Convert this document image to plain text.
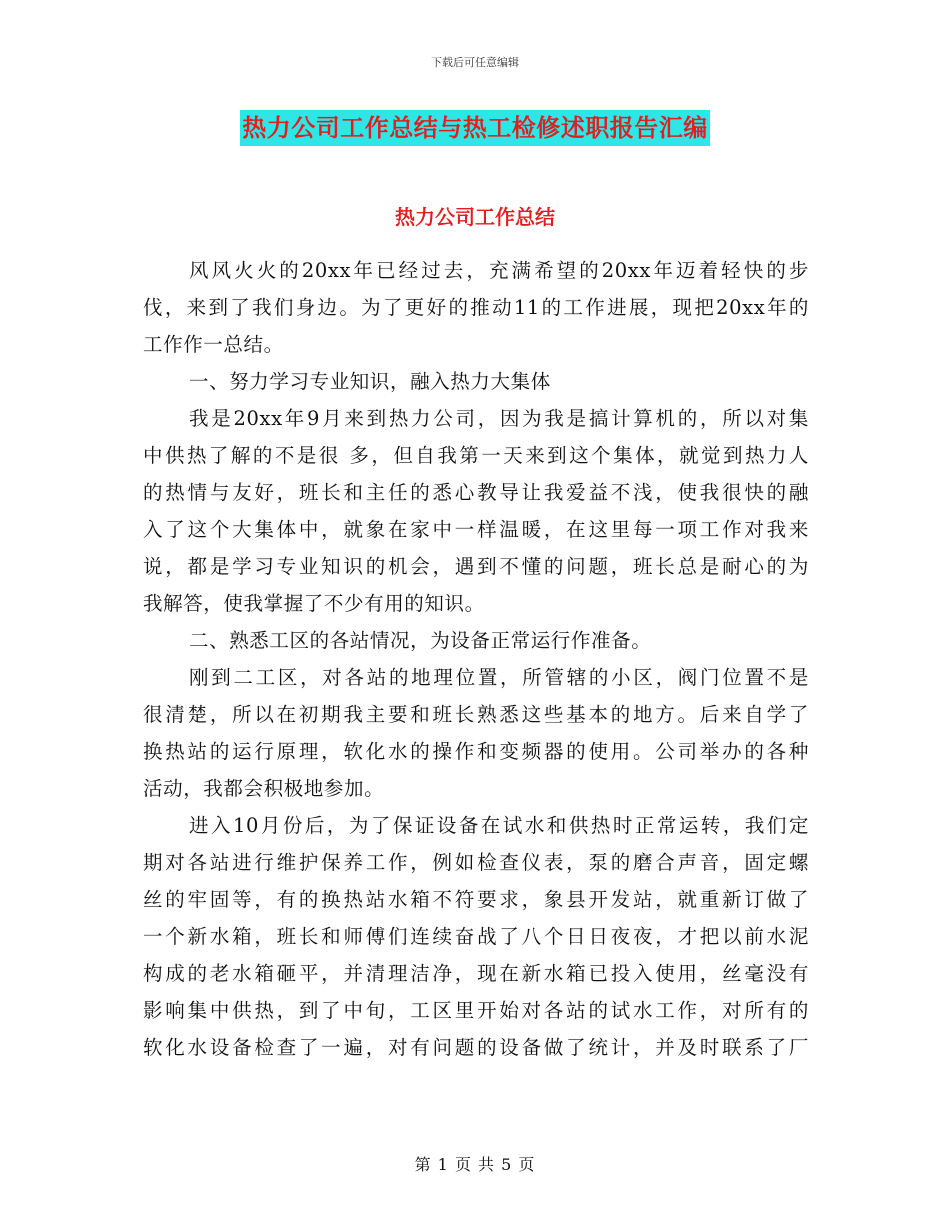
下载后可任意编辑
热力公司工作总结与热工检修述职报告汇编
热力公司工作总结
风风火火的20xx年已经过去，充满希望的20xx年迈着轻快的步
伐，来到了我们身边。为了更好的推动11的工作进展，现把20xx年的
工作作一总结。
一、努力学习专业知识，融入热力大集体
我是20xx年9月来到热力公司，因为我是搞计算机的，所以对集
中供热了解的不是很 多，但自我第一天来到这个集体，就觉到热力人
的热情与友好，班长和主任的悉心教导让我爱益不浅，使我很快的融
入了这个大集体中，就象在家中一样温暖，在这里每一项工作对我来
说，都是学习专业知识的机会，遇到不懂的问题，班长总是耐心的为
我解答，使我掌握了不少有用的知识。
二、熟悉工区的各站情况，为设备正常运行作准备。
刚到二工区，对各站的地理位置，所管辖的小区，阀门位置不是
很清楚，所以在初期我主要和班长熟悉这些基本的地方。后来自学了
换热站的运行原理，软化水的操作和变频器的使用。公司举办的各种
活动，我都会积极地参加。
进入10月份后，为了保证设备在试水和供热时正常运转，我们定
期对各站进行维护保养工作，例如检查仪表，泵的磨合声音，固定螺
丝的牢固等，有的换热站水箱不符要求，象县开发站，就重新订做了
一个新水箱，班长和师傅们连续奋战了八个日日夜夜，才把以前水泥
构成的老水箱砸平，并清理洁净，现在新水箱已投入使用，丝毫没有
影响集中供热，到了中旬，工区里开始对各站的试水工作，对所有的
软化水设备检查了一遍，对有问题的设备做了统计，并及时联系了厂
第 1 页 共 5 页
